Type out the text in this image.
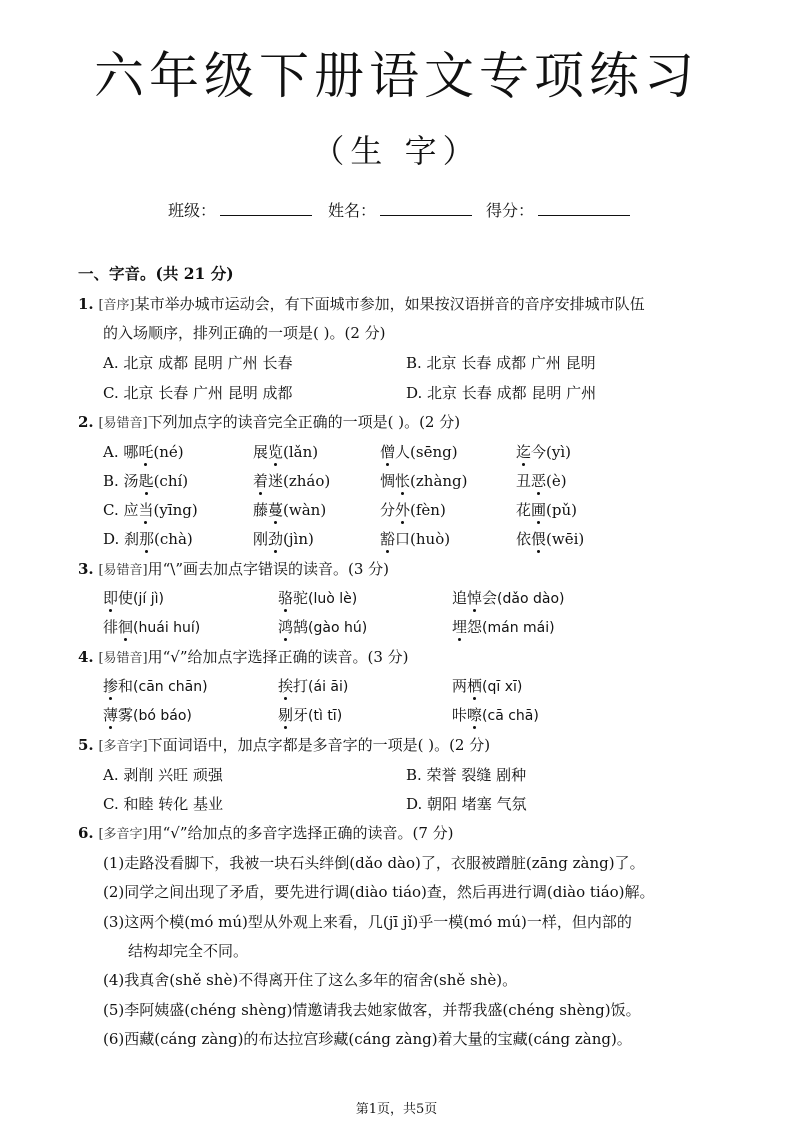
六年级下册语文专项练习
（生 字）
班级：	姓名：	得分：
一、字音。(共 21 分)
1. [音序]某市举办城市运动会，有下面城市参加，如果按汉语拼音的音序安排城市队伍
的入场顺序，排列正确的一项是( )。(2 分)
A. 北京 成都 昆明 广州 长春	B. 北京 长春 成都 广州 昆明
C. 北京 长春 广州 昆明 成都	D. 北京 长春 成都 昆明 广州
2. [易错音]下列加点字的读音完全正确的一项是( )。(2 分)
A. 哪吒(né)	展览(lǎn)	僧人(sēng)	迄今(yì)
B. 汤匙(chí)	着迷(zháo)	惆怅(zhàng)	丑恶(è)
C. 应当(yīng)	藤蔓(wàn)	分外(fèn)	花圃(pǔ)
D. 刹那(chà)	刚劲(jìn)	豁口(huò)	依偎(wēi)
3. [易错音]用“\”画去加点字错误的读音。(3 分)
即使(jí jì)	骆驼(luò lè)	追悼会(dǎo dào)
徘徊(huái huí)	鸿鹄(gào hú)	埋怨(mán mái)
4. [易错音]用“√”给加点字选择正确的读音。(3 分)
掺和(cān chān)	挨打(ái āi)	两栖(qī xī)
薄雾(bó báo)	剔牙(tì tī)	咔嚓(cā chā)
5. [多音字]下面词语中，加点字都是多音字的一项是( )。(2 分)
A. 剥削 兴旺 顽强	B. 荣誉 裂缝 剧种
C. 和睦 转化 基业	D. 朝阳 堵塞 气氛
6. [多音字]用“√”给加点的多音字选择正确的读音。(7 分)
(1)走路没看脚下，我被一块石头绊倒(dǎo dào)了，衣服被蹭脏(zāng zàng)了。
(2)同学之间出现了矛盾，要先进行调(diào tiáo)查，然后再进行调(diào tiáo)解。
(3)这两个模(mó mú)型从外观上来看，几(jī jǐ)乎一模(mó mú)一样，但内部的
结构却完全不同。
(4)我真舍(shě shè)不得离开住了这么多年的宿舍(shě shè)。
(5)李阿姨盛(chéng shèng)情邀请我去她家做客，并帮我盛(chéng shèng)饭。
(6)西藏(cáng zàng)的布达拉宫珍藏(cáng zàng)着大量的宝藏(cáng zàng)。
第1页，共5页
